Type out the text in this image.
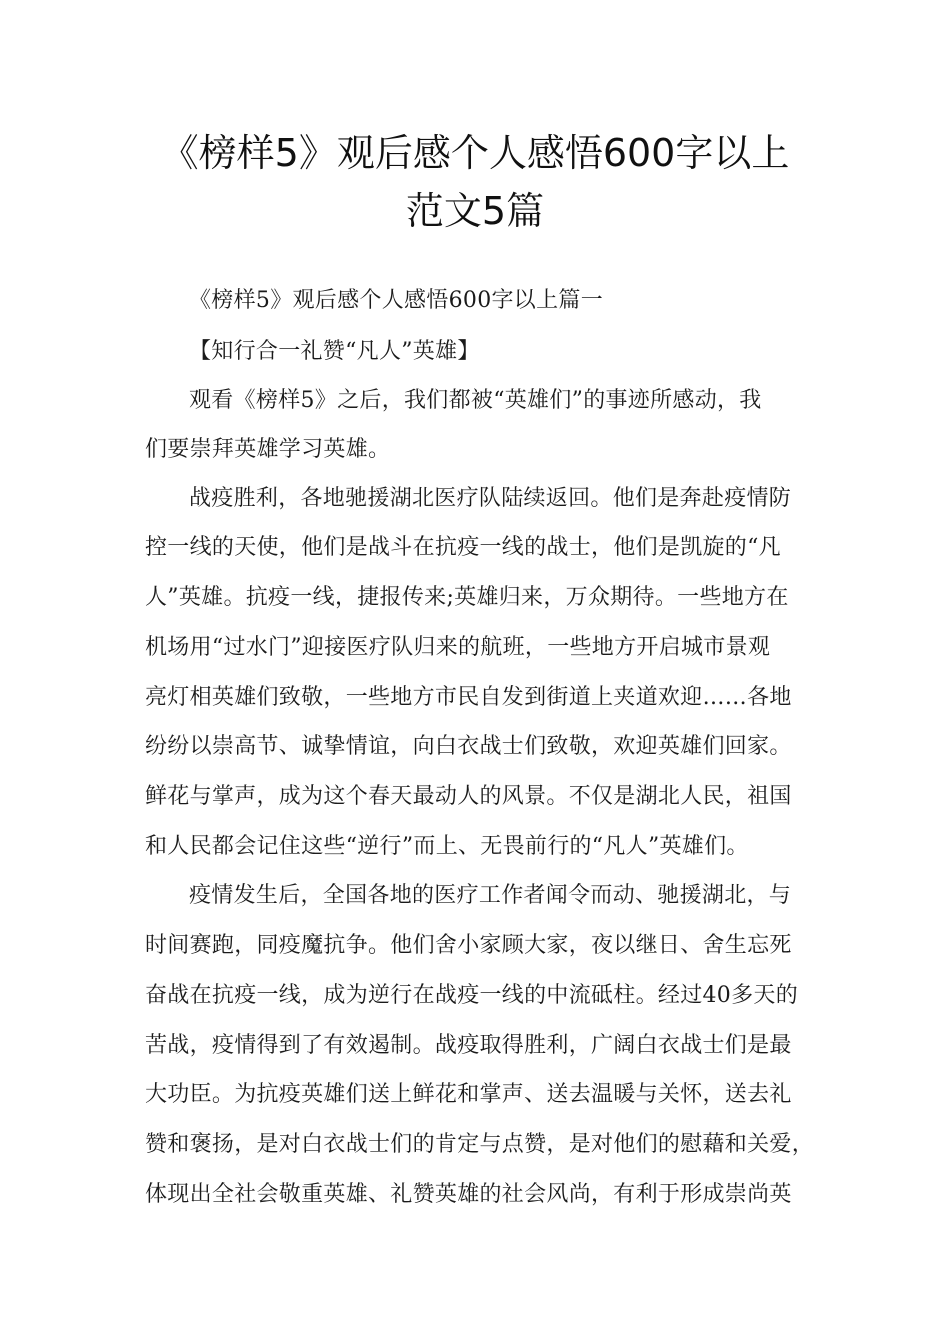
《榜样5》观后感个人感悟600字以上
范文5篇
《榜样5》观后感个人感悟600字以上篇一
【知行合一礼赞“凡人”英雄】
观看《榜样5》之后，我们都被“英雄们”的事迹所感动，我
们要崇拜英雄学习英雄。
战疫胜利，各地驰援湖北医疗队陆续返回。他们是奔赴疫情防
控一线的天使，他们是战斗在抗疫一线的战士，他们是凯旋的“凡
人”英雄。抗疫一线，捷报传来;英雄归来，万众期待。一些地方在
机场用“过水门”迎接医疗队归来的航班，一些地方开启城市景观
亮灯相英雄们致敬，一些地方市民自发到街道上夹道欢迎……各地
纷纷以崇高节、诚挚情谊，向白衣战士们致敬，欢迎英雄们回家。
鲜花与掌声，成为这个春天最动人的风景。不仅是湖北人民，祖国
和人民都会记住这些“逆行”而上、无畏前行的“凡人”英雄们。
疫情发生后，全国各地的医疗工作者闻令而动、驰援湖北，与
时间赛跑，同疫魔抗争。他们舍小家顾大家，夜以继日、舍生忘死
奋战在抗疫一线，成为逆行在战疫一线的中流砥柱。经过40多天的
苦战，疫情得到了有效遏制。战疫取得胜利，广阔白衣战士们是最
大功臣。为抗疫英雄们送上鲜花和掌声、送去温暖与关怀，送去礼
赞和褒扬，是对白衣战士们的肯定与点赞，是对他们的慰藉和关爱，
体现出全社会敬重英雄、礼赞英雄的社会风尚，有利于形成崇尚英
